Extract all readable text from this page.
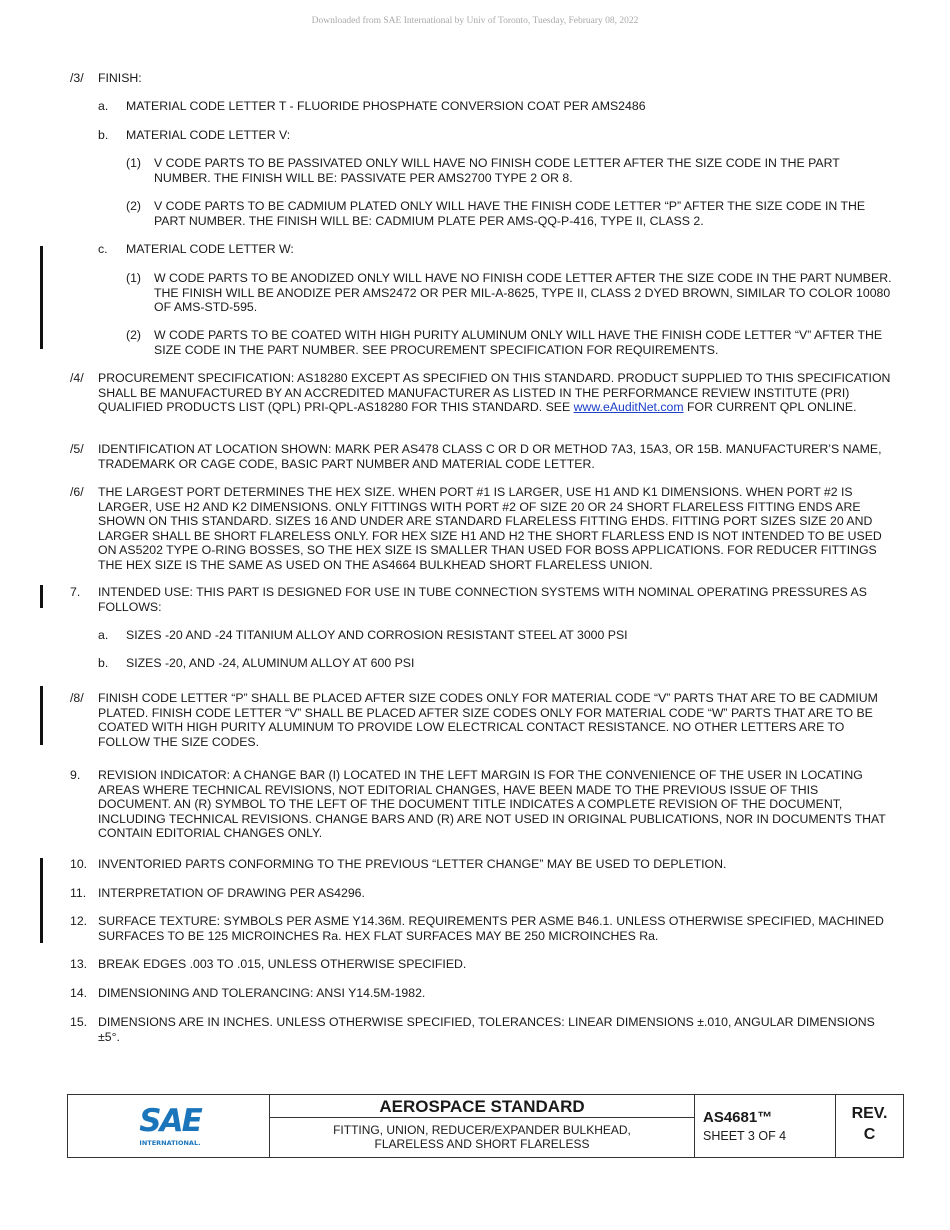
Downloaded from SAE International by Univ of Toronto, Tuesday, February 08, 2022
/3/ FINISH:
a. MATERIAL CODE LETTER T - FLUORIDE PHOSPHATE CONVERSION COAT PER AMS2486
b. MATERIAL CODE LETTER V:
(1) V CODE PARTS TO BE PASSIVATED ONLY WILL HAVE NO FINISH CODE LETTER AFTER THE SIZE CODE IN THE PART NUMBER. THE FINISH WILL BE: PASSIVATE PER AMS2700 TYPE 2 OR 8.
(2) V CODE PARTS TO BE CADMIUM PLATED ONLY WILL HAVE THE FINISH CODE LETTER “P” AFTER THE SIZE CODE IN THE PART NUMBER. THE FINISH WILL BE: CADMIUM PLATE PER AMS-QQ-P-416, TYPE II, CLASS 2.
c. MATERIAL CODE LETTER W:
(1) W CODE PARTS TO BE ANODIZED ONLY WILL HAVE NO FINISH CODE LETTER AFTER THE SIZE CODE IN THE PART NUMBER. THE FINISH WILL BE ANODIZE PER AMS2472 OR PER MIL-A-8625, TYPE II, CLASS 2 DYED BROWN, SIMILAR TO COLOR 10080 OF AMS-STD-595.
(2) W CODE PARTS TO BE COATED WITH HIGH PURITY ALUMINUM ONLY WILL HAVE THE FINISH CODE LETTER “V” AFTER THE SIZE CODE IN THE PART NUMBER. SEE PROCUREMENT SPECIFICATION FOR REQUIREMENTS.
/4/ PROCUREMENT SPECIFICATION: AS18280 EXCEPT AS SPECIFIED ON THIS STANDARD. PRODUCT SUPPLIED TO THIS SPECIFICATION SHALL BE MANUFACTURED BY AN ACCREDITED MANUFACTURER AS LISTED IN THE PERFORMANCE REVIEW INSTITUTE (PRI) QUALIFIED PRODUCTS LIST (QPL) PRI-QPL-AS18280 FOR THIS STANDARD. SEE www.eAuditNet.com FOR CURRENT QPL ONLINE.
/5/ IDENTIFICATION AT LOCATION SHOWN: MARK PER AS478 CLASS C OR D OR METHOD 7A3, 15A3, OR 15B. MANUFACTURER’S NAME, TRADEMARK OR CAGE CODE, BASIC PART NUMBER AND MATERIAL CODE LETTER.
/6/ THE LARGEST PORT DETERMINES THE HEX SIZE. WHEN PORT #1 IS LARGER, USE H1 AND K1 DIMENSIONS. WHEN PORT #2 IS LARGER, USE H2 AND K2 DIMENSIONS. ONLY FITTINGS WITH PORT #2 OF SIZE 20 OR 24 SHORT FLARELESS FITTING ENDS ARE SHOWN ON THIS STANDARD. SIZES 16 AND UNDER ARE STANDARD FLARELESS FITTING EHDS. FITTING PORT SIZES SIZE 20 AND LARGER SHALL BE SHORT FLARELESS ONLY. FOR HEX SIZE H1 AND H2 THE SHORT FLARLESS END IS NOT INTENDED TO BE USED ON AS5202 TYPE O-RING BOSSES, SO THE HEX SIZE IS SMALLER THAN USED FOR BOSS APPLICATIONS. FOR REDUCER FITTINGS THE HEX SIZE IS THE SAME AS USED ON THE AS4664 BULKHEAD SHORT FLARELESS UNION.
7. INTENDED USE: THIS PART IS DESIGNED FOR USE IN TUBE CONNECTION SYSTEMS WITH NOMINAL OPERATING PRESSURES AS FOLLOWS:
a. SIZES -20 AND -24 TITANIUM ALLOY AND CORROSION RESISTANT STEEL AT 3000 PSI
b. SIZES -20, AND -24, ALUMINUM ALLOY AT 600 PSI
/8/ FINISH CODE LETTER “P” SHALL BE PLACED AFTER SIZE CODES ONLY FOR MATERIAL CODE “V” PARTS THAT ARE TO BE CADMIUM PLATED. FINISH CODE LETTER “V” SHALL BE PLACED AFTER SIZE CODES ONLY FOR MATERIAL CODE “W” PARTS THAT ARE TO BE COATED WITH HIGH PURITY ALUMINUM TO PROVIDE LOW ELECTRICAL CONTACT RESISTANCE. NO OTHER LETTERS ARE TO FOLLOW THE SIZE CODES.
9. REVISION INDICATOR: A CHANGE BAR (I) LOCATED IN THE LEFT MARGIN IS FOR THE CONVENIENCE OF THE USER IN LOCATING AREAS WHERE TECHNICAL REVISIONS, NOT EDITORIAL CHANGES, HAVE BEEN MADE TO THE PREVIOUS ISSUE OF THIS DOCUMENT. AN (R) SYMBOL TO THE LEFT OF THE DOCUMENT TITLE INDICATES A COMPLETE REVISION OF THE DOCUMENT, INCLUDING TECHNICAL REVISIONS. CHANGE BARS AND (R) ARE NOT USED IN ORIGINAL PUBLICATIONS, NOR IN DOCUMENTS THAT CONTAIN EDITORIAL CHANGES ONLY.
10. INVENTORIED PARTS CONFORMING TO THE PREVIOUS “LETTER CHANGE” MAY BE USED TO DEPLETION.
11. INTERPRETATION OF DRAWING PER AS4296.
12. SURFACE TEXTURE: SYMBOLS PER ASME Y14.36M. REQUIREMENTS PER ASME B46.1. UNLESS OTHERWISE SPECIFIED, MACHINED SURFACES TO BE 125 MICROINCHES Ra. HEX FLAT SURFACES MAY BE 250 MICROINCHES Ra.
13. BREAK EDGES .003 TO .015, UNLESS OTHERWISE SPECIFIED.
14. DIMENSIONING AND TOLERANCING: ANSI Y14.5M-1982.
15. DIMENSIONS ARE IN INCHES. UNLESS OTHERWISE SPECIFIED, TOLERANCES: LINEAR DIMENSIONS ±.010, ANGULAR DIMENSIONS ±5°.
SAE
INTERNATIONAL.
AEROSPACE STANDARD
FITTING, UNION, REDUCER/EXPANDER BULKHEAD,
FLARELESS AND SHORT FLARELESS
AS4681™
SHEET 3 OF 4
REV.
C
